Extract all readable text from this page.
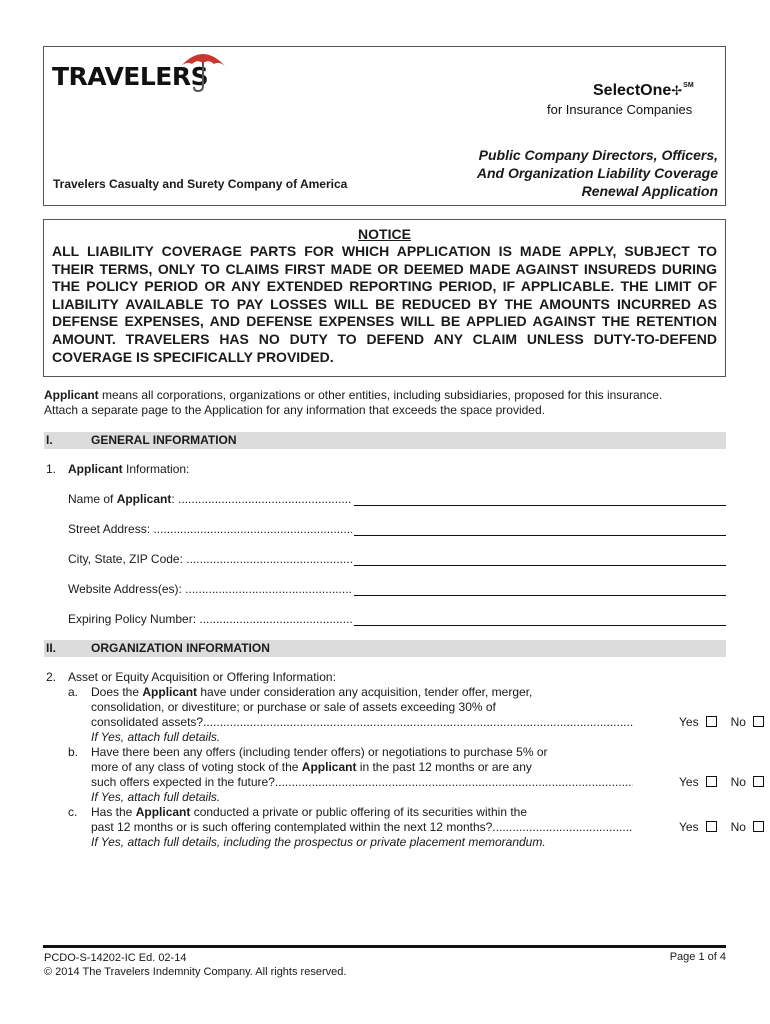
TRAVELERS	SelectOne✢℠
for Insurance Companies
Travelers Casualty and Surety Company of America
Public Company Directors, Officers,
And Organization Liability Coverage
Renewal Application
NOTICE
ALL LIABILITY COVERAGE PARTS FOR WHICH APPLICATION IS MADE APPLY, SUBJECT TO THEIR TERMS, ONLY TO CLAIMS FIRST MADE OR DEEMED MADE AGAINST INSUREDS DURING THE POLICY PERIOD OR ANY EXTENDED REPORTING PERIOD, IF APPLICABLE. THE LIMIT OF LIABILITY AVAILABLE TO PAY LOSSES WILL BE REDUCED BY THE AMOUNTS INCURRED AS DEFENSE EXPENSES, AND DEFENSE EXPENSES WILL BE APPLIED AGAINST THE RETENTION AMOUNT. TRAVELERS HAS NO DUTY TO DEFEND ANY CLAIM UNLESS DUTY-TO-DEFEND COVERAGE IS SPECIFICALLY PROVIDED.
Applicant means all corporations, organizations or other entities, including subsidiaries, proposed for this insurance.
Attach a separate page to the Application for any information that exceeds the space provided.
I.	GENERAL INFORMATION
1. Applicant Information:
Name of Applicant: .....
Street Address: .....
City, State, ZIP Code: .....
Website Address(es): .....
Expiring Policy Number: .....
II.	ORGANIZATION INFORMATION
2. Asset or Equity Acquisition or Offering Information:
a. Does the Applicant have under consideration any acquisition, tender offer, merger,
consolidation, or divestiture; or purchase or sale of assets exceeding 30% of
consolidated assets? .....	Yes	No
If Yes, attach full details.
b. Have there been any offers (including tender offers) or negotiations to purchase 5% or
more of any class of voting stock of the Applicant in the past 12 months or are any
such offers expected in the future? .....	Yes	No
If Yes, attach full details.
c. Has the Applicant conducted a private or public offering of its securities within the
past 12 months or is such offering contemplated within the next 12 months? .....	Yes	No
If Yes, attach full details, including the prospectus or private placement memorandum.
PCDO-S-14202-IC Ed. 02-14
© 2014 The Travelers Indemnity Company. All rights reserved.
Page 1 of 4
